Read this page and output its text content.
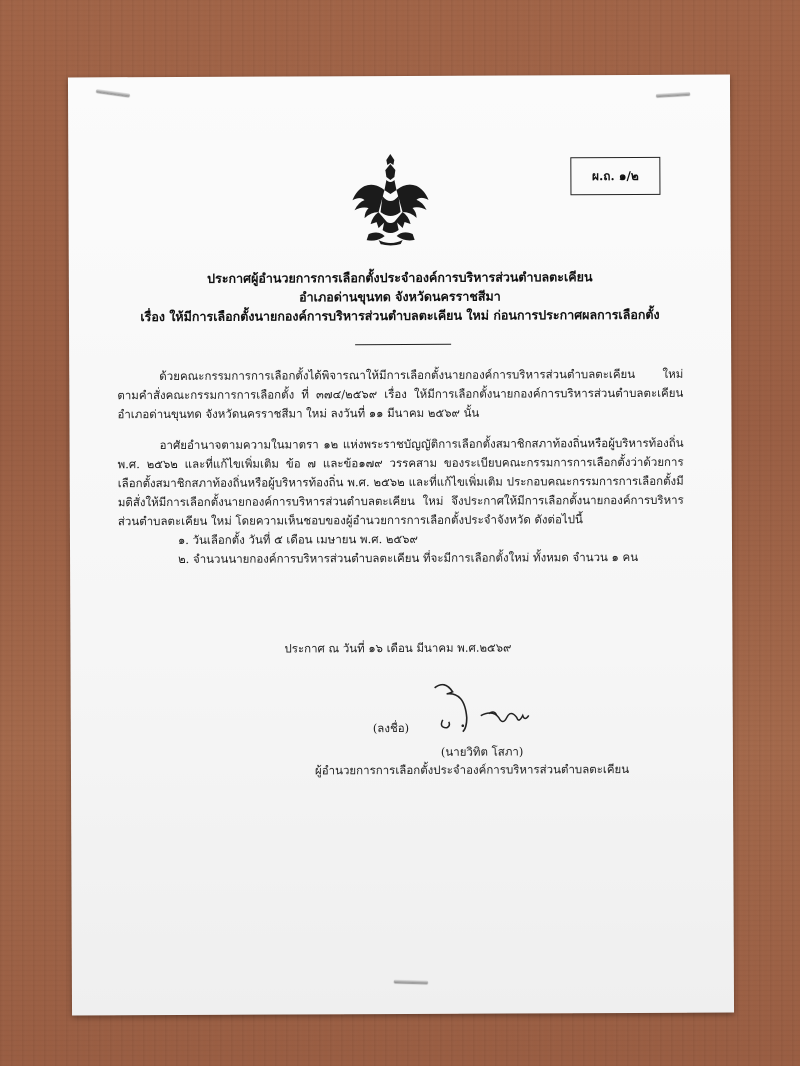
ผ.ถ. ๑/๒
ประกาศผู้อำนวยการการเลือกตั้งประจำองค์การบริหารส่วนตำบลตะเคียน
อำเภอด่านขุนทด จังหวัดนครราชสีมา
เรื่อง ให้มีการเลือกตั้งนายกองค์การบริหารส่วนตำบลตะเคียน ใหม่ ก่อนการประกาศผลการเลือกตั้ง

ด้วยคณะกรรมการการเลือกตั้งได้พิจารณาให้มีการเลือกตั้งนายกองค์การบริหารส่วนตำบลตะเคียน ใหม่ ตามคำสั่งคณะกรรมการการเลือกตั้ง ที่ ๓๗๔/๒๕๖๙ เรื่อง ให้มีการเลือกตั้งนายกองค์การบริหารส่วนตำบลตะเคียน อำเภอด่านขุนทด จังหวัดนครราชสีมา ใหม่ ลงวันที่ ๑๑ มีนาคม ๒๕๖๙ นั้น

อาศัยอำนาจตามความในมาตรา ๑๒ แห่งพระราชบัญญัติการเลือกตั้งสมาชิกสภาท้องถิ่นหรือผู้บริหารท้องถิ่น พ.ศ. ๒๕๖๒ และที่แก้ไขเพิ่มเติม ข้อ ๗ และข้อ๑๗๙ วรรคสาม ของระเบียบคณะกรรมการการเลือกตั้งว่าด้วยการเลือกตั้งสมาชิกสภาท้องถิ่นหรือผู้บริหารท้องถิ่น พ.ศ. ๒๕๖๒ และที่แก้ไขเพิ่มเติม ประกอบคณะกรรมการการเลือกตั้งมีมติสั่งให้มีการเลือกตั้งนายกองค์การบริหารส่วนตำบลตะเคียน ใหม่ จึงประกาศให้มีการเลือกตั้งนายกองค์การบริหารส่วนตำบลตะเคียน ใหม่ โดยความเห็นชอบของผู้อำนวยการการเลือกตั้งประจำจังหวัด ดังต่อไปนี้

๑. วันเลือกตั้ง วันที่ ๕ เดือน เมษายน พ.ศ. ๒๕๖๙

๒. จำนวนนายกองค์การบริหารส่วนตำบลตะเคียน ที่จะมีการเลือกตั้งใหม่ ทั้งหมด จำนวน ๑ คน

ประกาศ ณ วันที่ ๑๖ เดือน มีนาคม พ.ศ.๒๕๖๙
(ลงชื่อ)
(นายวิทิต โสภา)
ผู้อำนวยการการเลือกตั้งประจำองค์การบริหารส่วนตำบลตะเคียน
